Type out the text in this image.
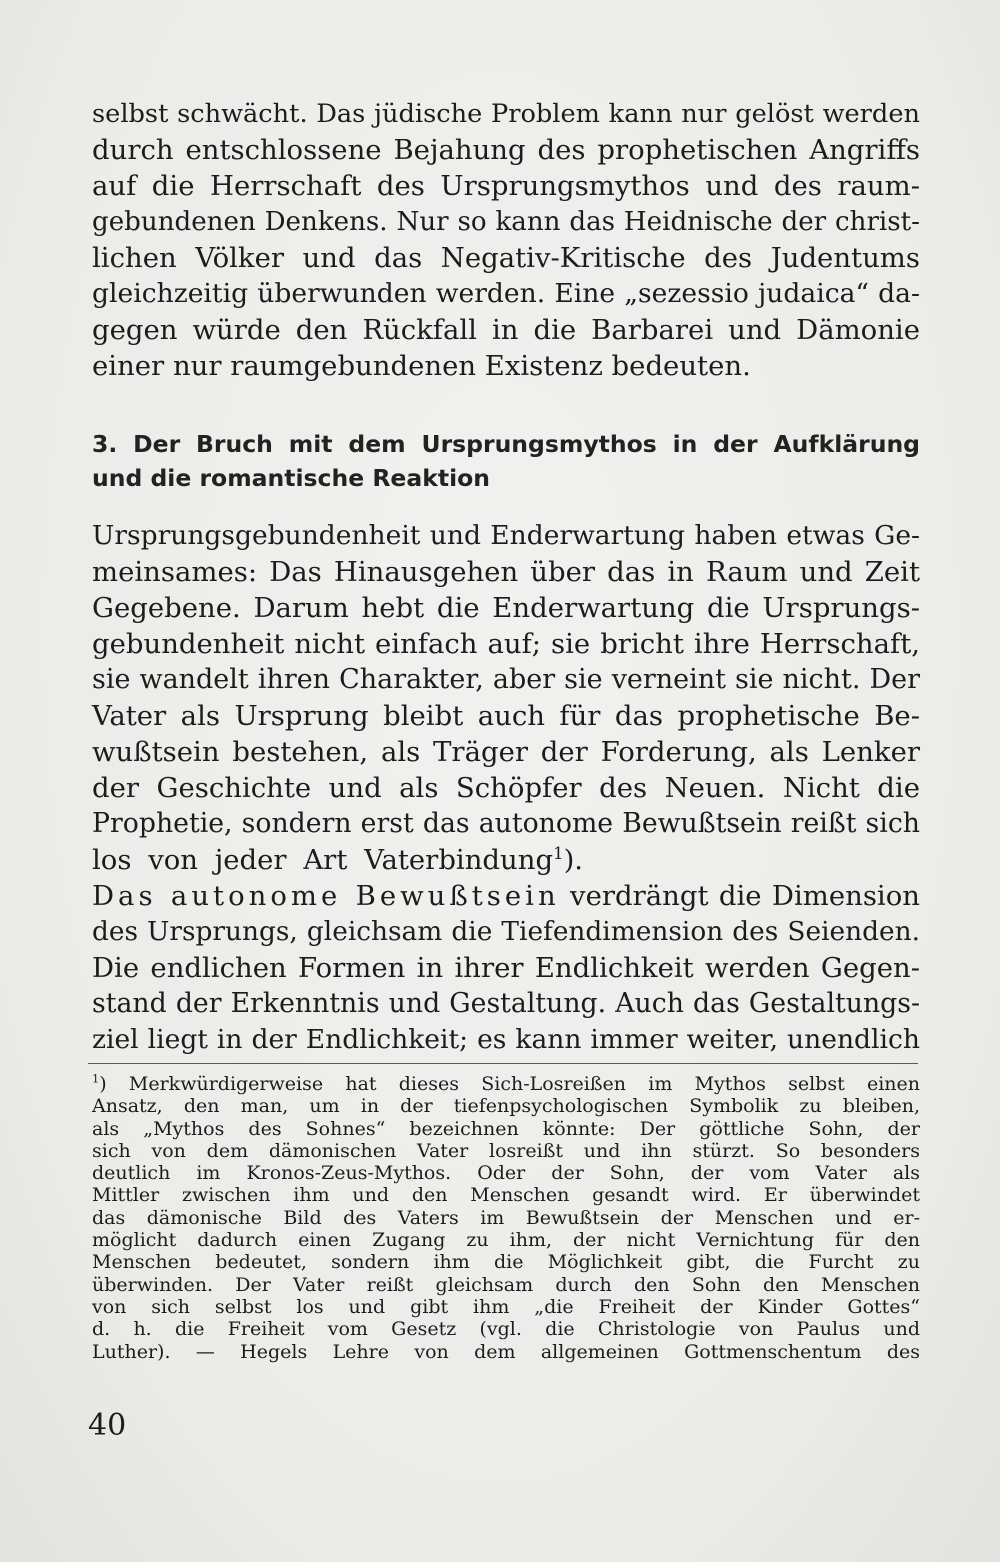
selbst schwächt. Das jüdische Problem kann nur gelöst werden
durch entschlossene Bejahung des prophetischen Angriffs
auf die Herrschaft des Ursprungsmythos und des raum-
gebundenen Denkens. Nur so kann das Heidnische der christ-
lichen Völker und das Negativ-Kritische des Judentums
gleichzeitig überwunden werden. Eine „sezessio judaica“ da-
gegen würde den Rückfall in die Barbarei und Dämonie
einer nur raumgebundenen Existenz bedeuten.
3. Der Bruch mit dem Ursprungsmythos in der Aufklärung
und die romantische Reaktion
Ursprungsgebundenheit und Enderwartung haben etwas Ge-
meinsames: Das Hinausgehen über das in Raum und Zeit
Gegebene. Darum hebt die Enderwartung die Ursprungs-
gebundenheit nicht einfach auf; sie bricht ihre Herrschaft,
sie wandelt ihren Charakter, aber sie verneint sie nicht. Der
Vater als Ursprung bleibt auch für das prophetische Be-
wußtsein bestehen, als Träger der Forderung, als Lenker
der Geschichte und als Schöpfer des Neuen. Nicht die
Prophetie, sondern erst das autonome Bewußtsein reißt sich
los von jeder Art Vaterbindung$^1$).
Das autonome Bewußtsein verdrängt die Dimension
des Ursprungs, gleichsam die Tiefendimension des Seienden.
Die endlichen Formen in ihrer Endlichkeit werden Gegen-
stand der Erkenntnis und Gestaltung. Auch das Gestaltungs-
ziel liegt in der Endlichkeit; es kann immer weiter, unendlich
$^1$) Merkwürdigerweise hat dieses Sich-Losreißen im Mythos selbst einen
Ansatz, den man, um in der tiefenpsychologischen Symbolik zu bleiben,
als „Mythos des Sohnes“ bezeichnen könnte: Der göttliche Sohn, der
sich von dem dämonischen Vater losreißt und ihn stürzt. So besonders
deutlich im Kronos-Zeus-Mythos. Oder der Sohn, der vom Vater als
Mittler zwischen ihm und den Menschen gesandt wird. Er überwindet
das dämonische Bild des Vaters im Bewußtsein der Menschen und er-
möglicht dadurch einen Zugang zu ihm, der nicht Vernichtung für den
Menschen bedeutet, sondern ihm die Möglichkeit gibt, die Furcht zu
überwinden. Der Vater reißt gleichsam durch den Sohn den Menschen
von sich selbst los und gibt ihm „die Freiheit der Kinder Gottes“
d. h. die Freiheit vom Gesetz (vgl. die Christologie von Paulus und
Luther). — Hegels Lehre von dem allgemeinen Gottmenschentum des
40
